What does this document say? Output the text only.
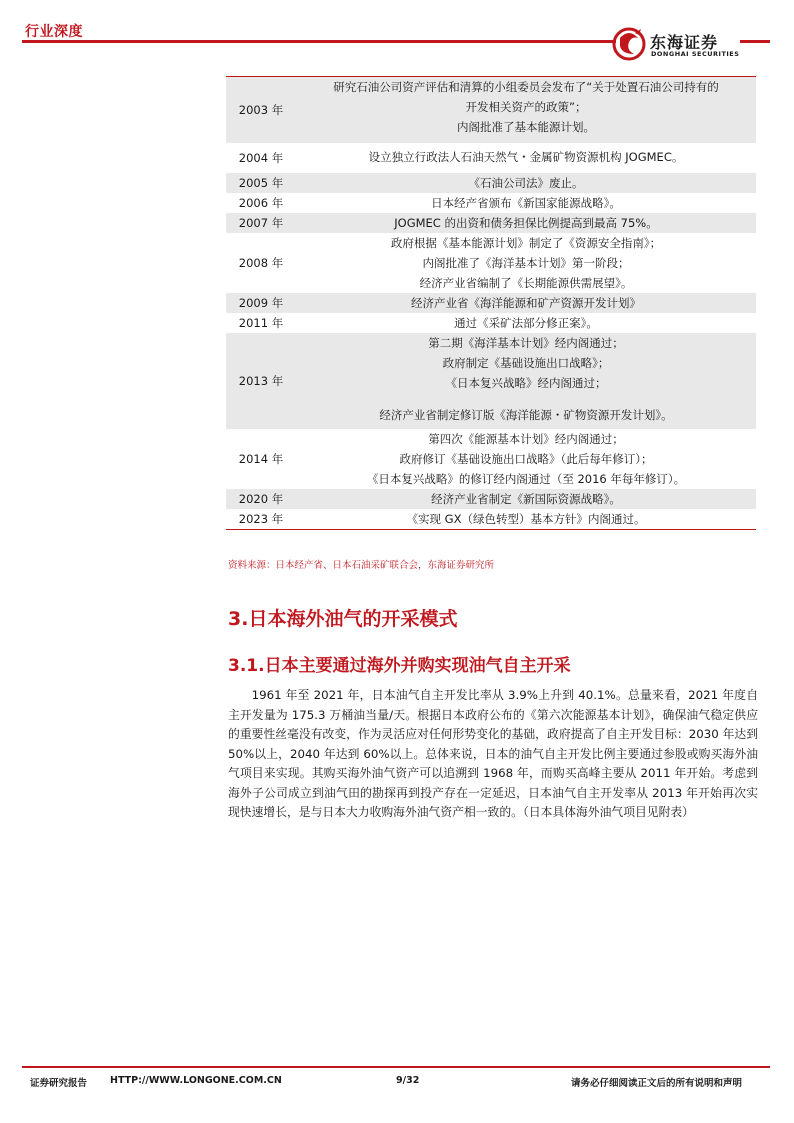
行业深度
东海证券
DONGHAI SECURITIES
2003 年	研究石油公司资产评估和清算的小组委员会发布了“关于处置石油公司持有的
开发相关资产的政策”；
内阁批准了基本能源计划。

2004 年	设立独立行政法人石油天然气・金属矿物资源机构 JOGMEC。

2005 年	《石油公司法》废止。

2006 年	日本经产省颁布《新国家能源战略》。

2007 年	JOGMEC 的出资和债务担保比例提高到最高 75%。

2008 年	政府根据《基本能源计划》制定了《资源安全指南》；
内阁批准了《海洋基本计划》第一阶段；
经济产业省编制了《长期能源供需展望》。

2009 年	经济产业省《海洋能源和矿产资源开发计划》

2011 年	通过《采矿法部分修正案》。

2013 年	第二期《海洋基本计划》经内阁通过；
政府制定《基础设施出口战略》；
《日本复兴战略》经内阁通过；
经济产业省制定修订版《海洋能源・矿物资源开发计划》。

2014 年	第四次《能源基本计划》经内阁通过；
政府修订《基础设施出口战略》（此后每年修订）；
《日本复兴战略》的修订经内阁通过（至 2016 年每年修订）。

2020 年	经济产业省制定《新国际资源战略》。

2023 年	《实现 GX（绿色转型）基本方针》内阁通过。
资料来源：日本经产省、日本石油采矿联合会，东海证券研究所
3.日本海外油气的开采模式
3.1.日本主要通过海外并购实现油气自主开采
1961 年至 2021 年，日本油气自主开发比率从 3.9%上升到 40.1%。总量来看，2021 年度自主开发量为 175.3 万桶油当量/天。根据日本政府公布的《第六次能源基本计划》，确保油气稳定供应的重要性丝毫没有改变，作为灵活应对任何形势变化的基础，政府提高了自主开发目标：2030 年达到 50%以上，2040 年达到 60%以上。总体来说，日本的油气自主开发比例主要通过参股或购买海外油气项目来实现。其购买海外油气资产可以追溯到 1968 年，而购买高峰主要从 2011 年开始。考虑到海外子公司成立到油气田的勘探再到投产存在一定延迟，日本油气自主开发率从 2013 年开始再次实现快速增长，是与日本大力收购海外油气资产相一致的。（日本具体海外油气项目见附表）
证券研究报告 HTTP://WWW.LONGONE.COM.CN	9/32	请务必仔细阅读正文后的所有说明和声明
